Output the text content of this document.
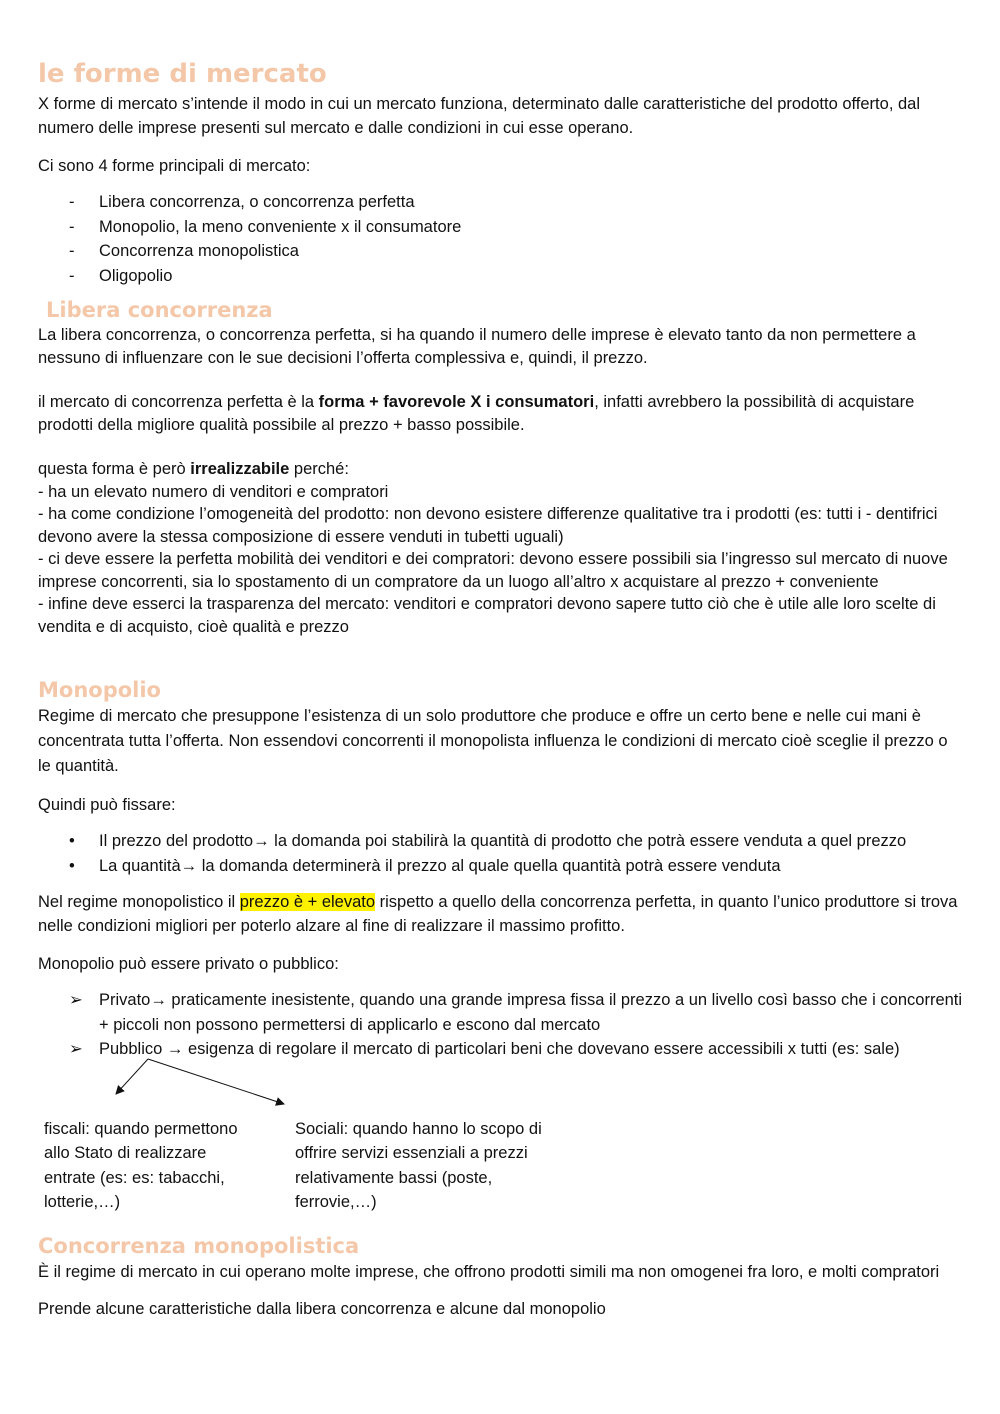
le forme di mercato

X forme di mercato s’intende il modo in cui un mercato funziona, determinato dalle caratteristiche del prodotto offerto, dal numero delle imprese presenti sul mercato e dalle condizioni in cui esse operano.

Ci sono 4 forme principali di mercato:

- Libera concorrenza, o concorrenza perfetta
- Monopolio, la meno conveniente x il consumatore
- Concorrenza monopolistica
- Oligopolio
Libera concorrenza

La libera concorrenza, o concorrenza perfetta, si ha quando il numero delle imprese è elevato tanto da non permettere a nessuno di influenzare con le sue decisioni l’offerta complessiva e, quindi, il prezzo.

il mercato di concorrenza perfetta è la forma + favorevole X i consumatori, infatti avrebbero la possibilità di acquistare prodotti della migliore qualità possibile al prezzo + basso possibile.

questa forma è però irrealizzabile perché:

- ha un elevato numero di venditori e compratori

- ha come condizione l’omogeneità del prodotto: non devono esistere differenze qualitative tra i prodotti (es: tutti i - dentifrici devono avere la stessa composizione di essere venduti in tubetti uguali)

- ci deve essere la perfetta mobilità dei venditori e dei compratori: devono essere possibili sia l’ingresso sul mercato di nuove imprese concorrenti, sia lo spostamento di un compratore da un luogo all’altro x acquistare al prezzo + conveniente

- infine deve esserci la trasparenza del mercato: venditori e compratori devono sapere tutto ciò che è utile alle loro scelte di vendita e di acquisto, cioè qualità e prezzo

Monopolio

Regime di mercato che presuppone l’esistenza di un solo produttore che produce e offre un certo bene e nelle cui mani è concentrata tutta l’offerta. Non essendovi concorrenti il monopolista influenza le condizioni di mercato cioè sceglie il prezzo o le quantità.

Quindi può fissare:

• Il prezzo del prodotto→ la domanda poi stabilirà la quantità di prodotto che potrà essere venduta a quel prezzo
• La quantità→ la domanda determinerà il prezzo al quale quella quantità potrà essere venduta

Nel regime monopolistico il prezzo è + elevato rispetto a quello della concorrenza perfetta, in quanto l’unico produttore si trova nelle condizioni migliori per poterlo alzare al fine di realizzare il massimo profitto.

Monopolio può essere privato o pubblico:

➢ Privato→ praticamente inesistente, quando una grande impresa fissa il prezzo a un livello così basso che i concorrenti + piccoli non possono permettersi di applicarlo e escono dal mercato
➢ Pubblico → esigenza di regolare il mercato di particolari beni che dovevano essere accessibili x tutti (es: sale)
fiscali: quando permettono allo Stato di realizzare entrate (es: es: tabacchi, lotterie,…)
Sociali: quando hanno lo scopo di offrire servizi essenziali a prezzi relativamente bassi (poste, ferrovie,…)
Concorrenza monopolistica

È il regime di mercato in cui operano molte imprese, che offrono prodotti simili ma non omogenei fra loro, e molti compratori

Prende alcune caratteristiche dalla libera concorrenza e alcune dal monopolio
